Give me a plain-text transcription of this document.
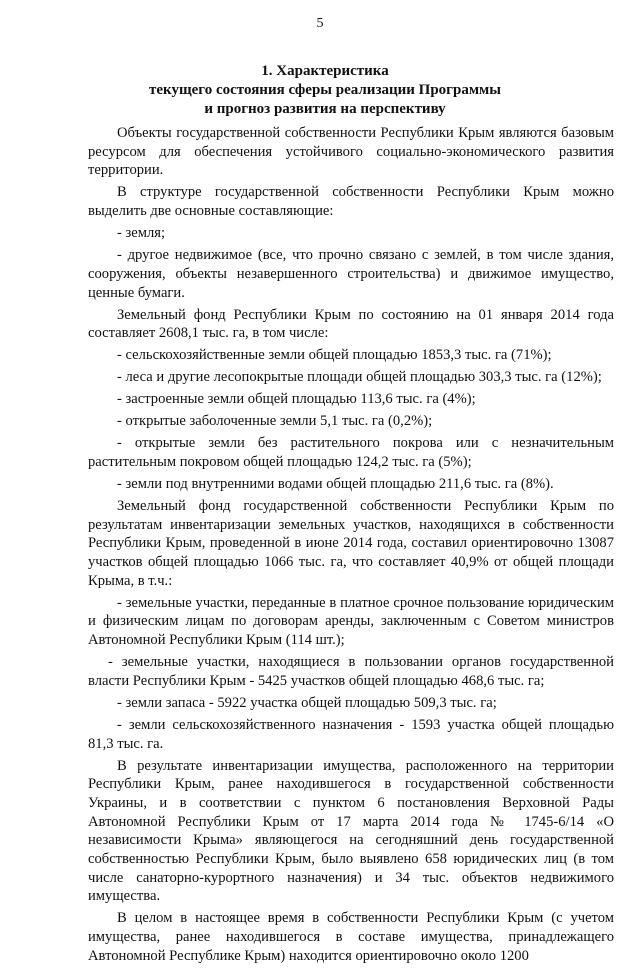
5
1. Характеристика
текущего состояния сферы реализации Программы
и прогноз развития на перспективу

Объекты государственной собственности Республики Крым являются базовым ресурсом для обеспечения устойчивого социально-экономического развития территории.

В структуре государственной собственности Республики Крым можно выделить две основные составляющие:

- земля;

- другое недвижимое (все, что прочно связано с землей, в том числе здания, сооружения, объекты незавершенного строительства) и движимое имущество, ценные бумаги.

Земельный фонд Республики Крым по состоянию на 01 января 2014 года составляет 2608,1 тыс. га, в том числе:

- сельскохозяйственные земли общей площадью 1853,3 тыс. га (71%);

- леса и другие лесопокрытые площади общей площадью 303,3 тыс. га (12%);

- застроенные земли общей площадью 113,6 тыс. га (4%);

- открытые заболоченные земли 5,1 тыс. га (0,2%);

- открытые земли без растительного покрова или с незначительным растительным покровом общей площадью 124,2 тыс. га (5%);

- земли под внутренними водами общей площадью 211,6 тыс. га (8%).

Земельный фонд государственной собственности Республики Крым по результатам инвентаризации земельных участков, находящихся в собственности Республики Крым, проведенной в июне 2014 года, составил ориентировочно 13087 участков общей площадью 1066 тыс. га, что составляет 40,9% от общей площади Крыма, в т.ч.:

- земельные участки, переданные в платное срочное пользование юридическим и физическим лицам по договорам аренды, заключенным с Советом министров Автономной Республики Крым (114 шт.);

- земельные участки, находящиеся в пользовании органов государственной власти Республики Крым - 5425 участков общей площадью 468,6 тыс. га;

- земли запаса - 5922 участка общей площадью 509,3 тыс. га;

- земли сельскохозяйственного назначения - 1593 участка общей площадью 81,3 тыс. га.

В результате инвентаризации имущества, расположенного на территории Республики Крым, ранее находившегося в государственной собственности Украины, и в соответствии с пунктом 6 постановления Верховной Рады Автономной Республики Крым от 17 марта 2014 года № 1745-6/14 «О независимости Крыма» являющегося на сегодняшний день государственной собственностью Республики Крым, было выявлено 658 юридических лиц (в том числе санаторно-курортного назначения) и 34 тыс. объектов недвижимого имущества.

В целом в настоящее время в собственности Республики Крым (с учетом имущества, ранее находившегося в составе имущества, принадлежащего Автономной Республике Крым) находится ориентировочно около 1200
